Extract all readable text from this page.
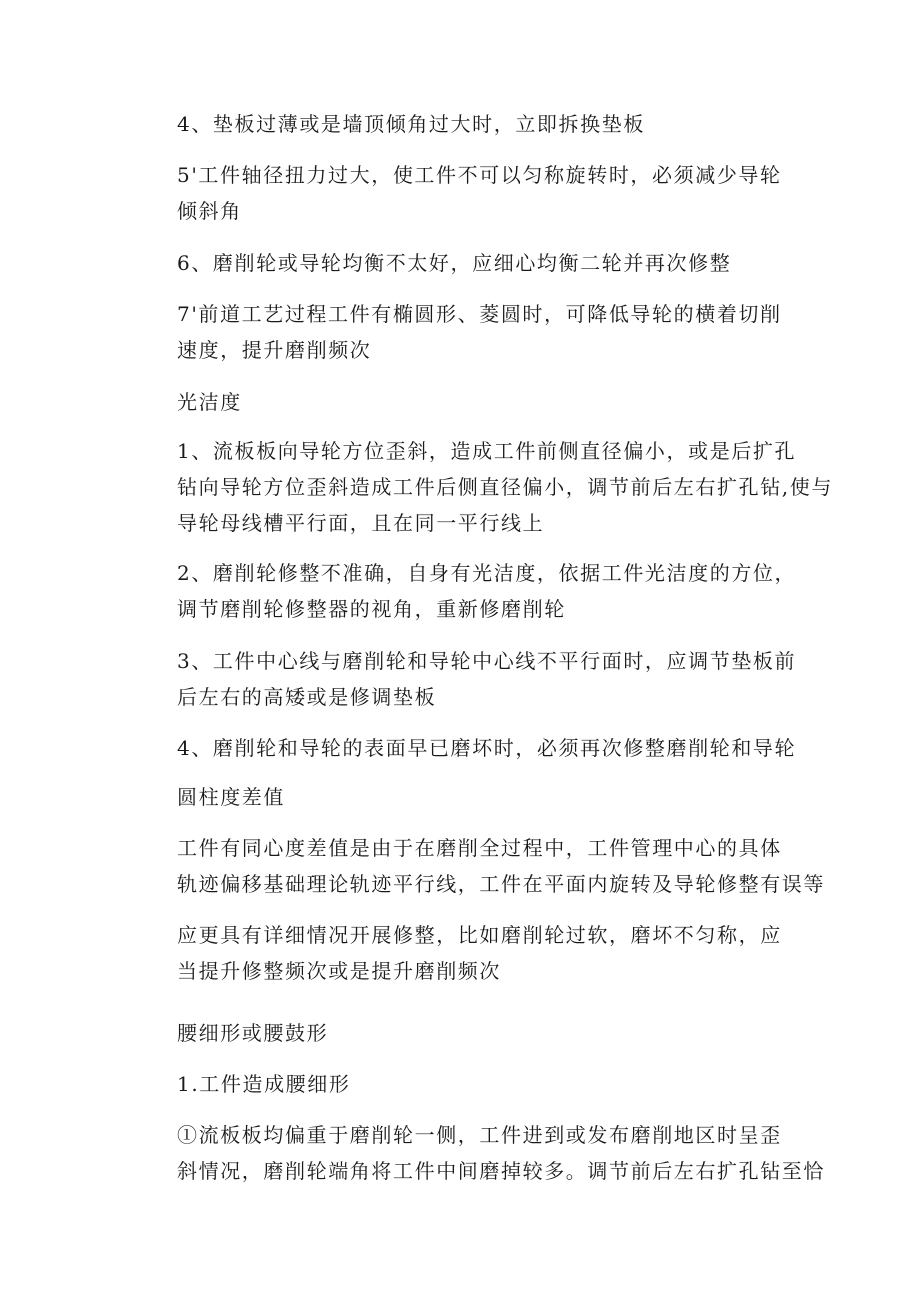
4、垫板过薄或是墙顶倾角过大时，立即拆换垫板

5'工件轴径扭力过大，使工件不可以匀称旋转时，必须减少导轮
倾斜角

6、磨削轮或导轮均衡不太好，应细心均衡二轮并再次修整

7'前道工艺过程工件有椭圆形、菱圆时，可降低导轮的横着切削
速度，提升磨削频次

光洁度

1、流板板向导轮方位歪斜，造成工件前侧直径偏小，或是后扩孔
钻向导轮方位歪斜造成工件后侧直径偏小，调节前后左右扩孔钻,使与
导轮母线槽平行面，且在同一平行线上

2、磨削轮修整不准确，自身有光洁度，依据工件光洁度的方位，
调节磨削轮修整器的视角，重新修磨削轮

3、工件中心线与磨削轮和导轮中心线不平行面时，应调节垫板前
后左右的高矮或是修调垫板

4、磨削轮和导轮的表面早已磨坏时，必须再次修整磨削轮和导轮

圆柱度差值

工件有同心度差值是由于在磨削全过程中，工件管理中心的具体
轨迹偏移基础理论轨迹平行线，工件在平面内旋转及导轮修整有误等

应更具有详细情况开展修整，比如磨削轮过软，磨坏不匀称，应
当提升修整频次或是提升磨削频次

腰细形或腰鼓形

1.工件造成腰细形

①流板板均偏重于磨削轮一侧，工件进到或发布磨削地区时呈歪
斜情况，磨削轮端角将工件中间磨掉较多。调节前后左右扩孔钻至恰
